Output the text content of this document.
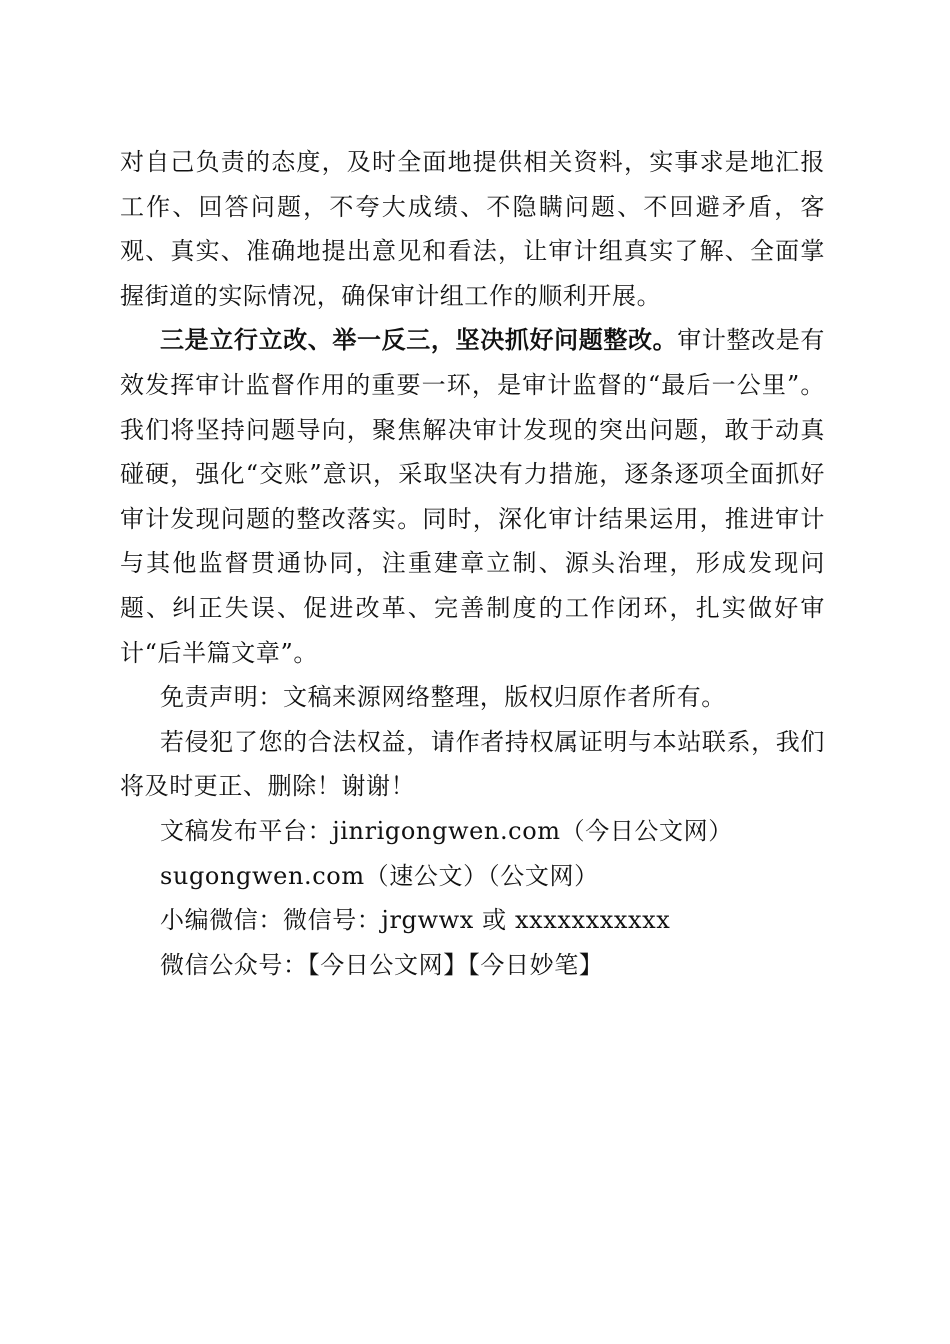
对自己负责的态度，及时全面地提供相关资料，实事求是地汇报工作、回答问题，不夸大成绩、不隐瞒问题、不回避矛盾，客观、真实、准确地提出意见和看法，让审计组真实了解、全面掌握街道的实际情况，确保审计组工作的顺利开展。

三是立行立改、举一反三，坚决抓好问题整改。审计整改是有效发挥审计监督作用的重要一环，是审计监督的“最后一公里”。我们将坚持问题导向，聚焦解决审计发现的突出问题，敢于动真碰硬，强化“交账”意识，采取坚决有力措施，逐条逐项全面抓好审计发现问题的整改落实。同时，深化审计结果运用，推进审计与其他监督贯通协同，注重建章立制、源头治理，形成发现问题、纠正失误、促进改革、完善制度的工作闭环，扎实做好审计“后半篇文章”。

免责声明：文稿来源网络整理，版权归原作者所有。

若侵犯了您的合法权益，请作者持权属证明与本站联系，我们将及时更正、删除！谢谢！

文稿发布平台：jinrigongwen.com（今日公文网）

sugongwen.com（速公文）（公文网）

小编微信：微信号：jrgwwx 或 xxxxxxxxxxx

微信公众号：【今日公文网】【今日妙笔】
